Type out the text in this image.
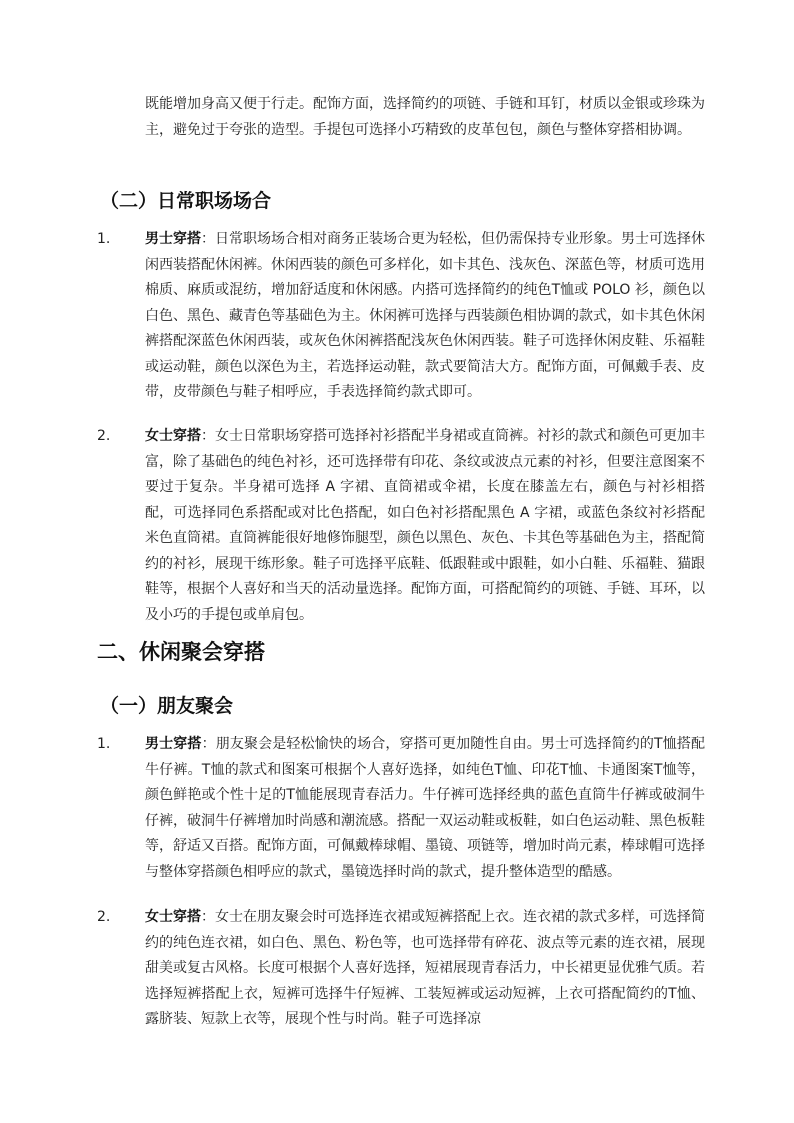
既能增加身高又便于行走。配饰方面，选择简约的项链、手链和耳钉，材质以金银或珍珠为主，避免过于夸张的造型。手提包可选择小巧精致的皮革包包，颜色与整体穿搭相协调。

（二）日常职场场合
1.	男士穿搭：日常职场场合相对商务正装场合更为轻松，但仍需保持专业形象。男士可选择休闲西装搭配休闲裤。休闲西装的颜色可多样化，如卡其色、浅灰色、深蓝色等，材质可选用棉质、麻质或混纺，增加舒适度和休闲感。内搭可选择简约的纯色T恤或 POLO 衫，颜色以白色、黑色、藏青色等基础色为主。休闲裤可选择与西装颜色相协调的款式，如卡其色休闲裤搭配深蓝色休闲西装，或灰色休闲裤搭配浅灰色休闲西装。鞋子可选择休闲皮鞋、乐福鞋或运动鞋，颜色以深色为主，若选择运动鞋，款式要简洁大方。配饰方面，可佩戴手表、皮带，皮带颜色与鞋子相呼应，手表选择简约款式即可。

2.	女士穿搭：女士日常职场穿搭可选择衬衫搭配半身裙或直筒裤。衬衫的款式和颜色可更加丰富，除了基础色的纯色衬衫，还可选择带有印花、条纹或波点元素的衬衫，但要注意图案不要过于复杂。半身裙可选择 A 字裙、直筒裙或伞裙，长度在膝盖左右，颜色与衬衫相搭配，可选择同色系搭配或对比色搭配，如白色衬衫搭配黑色 A 字裙，或蓝色条纹衬衫搭配米色直筒裙。直筒裤能很好地修饰腿型，颜色以黑色、灰色、卡其色等基础色为主，搭配简约的衬衫，展现干练形象。鞋子可选择平底鞋、低跟鞋或中跟鞋，如小白鞋、乐福鞋、猫跟鞋等，根据个人喜好和当天的活动量选择。配饰方面，可搭配简约的项链、手链、耳环，以及小巧的手提包或单肩包。

二、休闲聚会穿搭
（一）朋友聚会
1.	男士穿搭：朋友聚会是轻松愉快的场合，穿搭可更加随性自由。男士可选择简约的T恤搭配牛仔裤。T恤的款式和图案可根据个人喜好选择，如纯色T恤、印花T恤、卡通图案T恤等，颜色鲜艳或个性十足的T恤能展现青春活力。牛仔裤可选择经典的蓝色直筒牛仔裤或破洞牛仔裤，破洞牛仔裤增加时尚感和潮流感。搭配一双运动鞋或板鞋，如白色运动鞋、黑色板鞋等，舒适又百搭。配饰方面，可佩戴棒球帽、墨镜、项链等，增加时尚元素，棒球帽可选择与整体穿搭颜色相呼应的款式，墨镜选择时尚的款式，提升整体造型的酷感。

2.	女士穿搭：女士在朋友聚会时可选择连衣裙或短裤搭配上衣。连衣裙的款式多样，可选择简约的纯色连衣裙，如白色、黑色、粉色等，也可选择带有碎花、波点等元素的连衣裙，展现甜美或复古风格。长度可根据个人喜好选择，短裙展现青春活力，中长裙更显优雅气质。若选择短裤搭配上衣，短裤可选择牛仔短裤、工装短裤或运动短裤，上衣可搭配简约的T恤、露脐装、短款上衣等，展现个性与时尚。鞋子可选择凉
